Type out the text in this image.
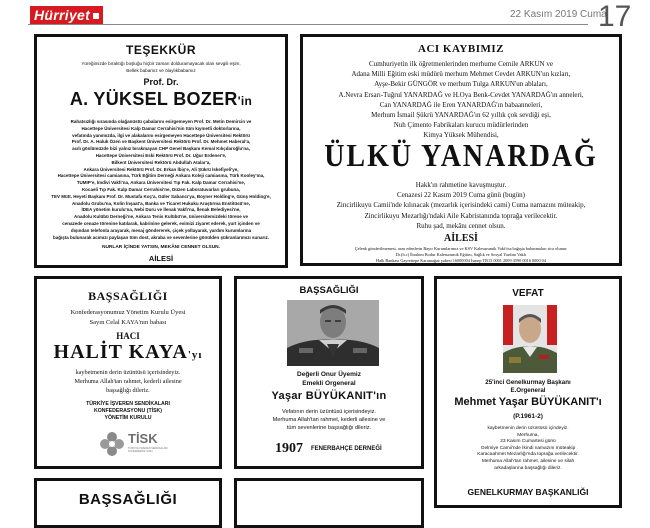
Hürriyet	22 Kasım 2019 Cuma
17
TEŞEKKÜR
Yüreğimizde bıraktığı boşluğu hiçbir zaman dolduramayacak olan sevgili eşim,
Bellek babamız ve ölaylıkbabamız
Prof. Dr.
A. YÜKSEL BOZER'in
Rahatsızlığı sırasında olağanüstü çabalarını esirgemeyen Prof. Dr. Metin Demircin ve
Hacettepe Üniversitesi Kalp Damar Cerrahisi'nin tüm kıymetli doktorlarına,
vefatında yanımızda, ilgi ve alakalarını esirgemeyen Hacettepe Üniversitesi Rektörü
Prof. Dr. A. Haluk Özen ve Başkent Üniversitesi Rektörü Prof. Dr. Mehmet Haberal'a,
acılı gönlümüzde bizi yalnız bırakmayan CHP Genel Başkanı Kemal Kılıçdaroğlu'na,
Hacettepe Üniversitesi Eski Rektörü Prof. Dr. Uğur Erdener'e,
Bilkent Üniversitesi Rektörü Abdullah Atalar'a,
Ankara Üniversitesi Rektörü Prof. Dr. Erkan İbiş'e, Ali Şükrü İskefiyeli'ye,
Hacettepe Üniversitesi camiasına, Türk Eğitim Derneği Ankara Koleji camiasına, Türk Kooley'ına,
TUMIP'e, İmdivi Vakfı'na, Ankara Üniversitesi Tıp Fak. Kalp Damar Cerrahisi'ne,
Kocaeli Tıp Fak. Kalp Damar Cerrahisi'ne, Düzen Laboratuvarları grubuna,
TEV Mütt. Heyeti Başkanı Prof. Dr. Mustafa Koç'a, Güler Sabancı'ya, Boyner Holding'e, Günş Holding'e,
Anadolu Grubu'na, Kolin İnşaat'a, Banka ve Ticaret Hukuku Araştırma Enstitüsü'ne,
İDEA yönetim kurulu'na, Nebi Duru ve İlenak Vakfı'na, İlenak Belediyesi'ne,
Anadolu Kulübü Derneği'ne, Ankara Tenis Kulübü'ne, üniversitemizdeki törene ve
cenazede cenaze törenine katılarak, kabrinine gelerek, evimizi ziyaret ederek, yurt içinden ve
dışından telefonla arayarak, mesaj göndererek, çiçek yollayarak, yardım kurumlarına
bağışta bulunarak acımızı paylaşan tüm dost, akraba ve sevenlerine gönülden şükranlarımızı sunarız.
NURLAR İÇİNDE YATSIN, MEKÂNI CENNET OLSUN.
AİLESİ
ACI KAYBIMIZ
Cumhuriyetin ilk öğretmenlerinden merhume Cemile ARKUN ve
Adana Milli Eğitim eski müdürü merhum Mehmet Cevdet ARKUN'un kızları,
Ayşe-Bekir GÜNGÖR ve merhum Tulga ARKUN'un ablaları,
A.Nevra Ersarı-Tuğrul YANARDAĞ ve H.Oya Benk-Cevdet YANARDAĞ'ın anneleri,
Can YANARDAĞ ile Eren YANARDAĞ'ın babaanneleri,
Merhum İsmail Şükrü YANARDAĞ'ın 62 yıllık çok sevdiği eşi,
Nuh Çimento Fabrikaları kurucu müdürlerinden
Kimya Yüksek Mühendisi,
ÜLKÜ YANARDAĞ
Hakk'ın rahmetine kavuşmuştur.
Cenazesi 22 Kasım 2019 Cuma günü (bugün)
Zincirlikuyu Camii'nde kılınacak (mezarlık içerisindeki cami) Cuma namazını müteakip,
Zincirlikuyu Mezarlığı'ndaki Aile Kabristanında toprağa verilecektir.
Ruhu şad, mekânı cennet olsun.
AİLESİ
Çelenk gönderilmemesi, arzu edenlerin Bayır Kurumlarımız ve KSV Kalesurumik Vakfı'na bağışta bulunmaları rica olunur.
Dr.(h.c) İbrahim Bodur Kalesurumik Eğitim, Sağlık ve Sosyal Yardım Vakfı
Halk Bankası Gayrettepe Karamağaz şubesi 16000004 İsmep TR13 0001 2009 4590 0016 0000 04
BAŞSAĞLIĞI
Konfederasyonumuz Yönetim Kurulu Üyesi
Sayın Celal KAYA'nın babası
HACI
HALİT KAYA'yı
kaybetmenin derin üzüntüsü içerisindeyiz.
Merhuma Allah'tan rahmet, kederli ailesine
başsağlığı dileriz.
TÜRKİYE İŞVEREN SENDİKALARI
KONFEDERASYONU (TİSK)
YÖNETİM KURULU
TİSK
TÜRKİYE İŞVEREN SENDİKALARI KONFEDERASYONU
BAŞSAĞLIĞI
Değerli Onur Üyemiz
Emekli Orgeneral
Yaşar BÜYÜKANIT'ın
Vefatının derin üzüntüsü içerisindeyiz.
Merhuma Allah'tan rahmet, kederli ailesine ve
tüm sevenlerine başsağlığı dileriz.
1907 FENERBAHÇE DERNEĞİ
VEFAT
25'inci Genelkurmay Başkanı
E.Orgeneral
Mehmet Yaşar BÜYÜKANIT'ı
(P.1961-2)
kaybetmenin derin üzüntüsü içindeyiz.
Merhuma,
23 Kasım Cumartesi günü
Gelmiye Camii'nde İkindi namazını müteakip
Karacaahmet Mezarlığı'nda toprağa verilecektir.
Merhuma Allah'tan rahmet, ailesine ve silah
arkadaşlarına başsağlığı dileriz.
GENELKURMAY BAŞKANLIĞI
BAŞSAĞLIĞI
